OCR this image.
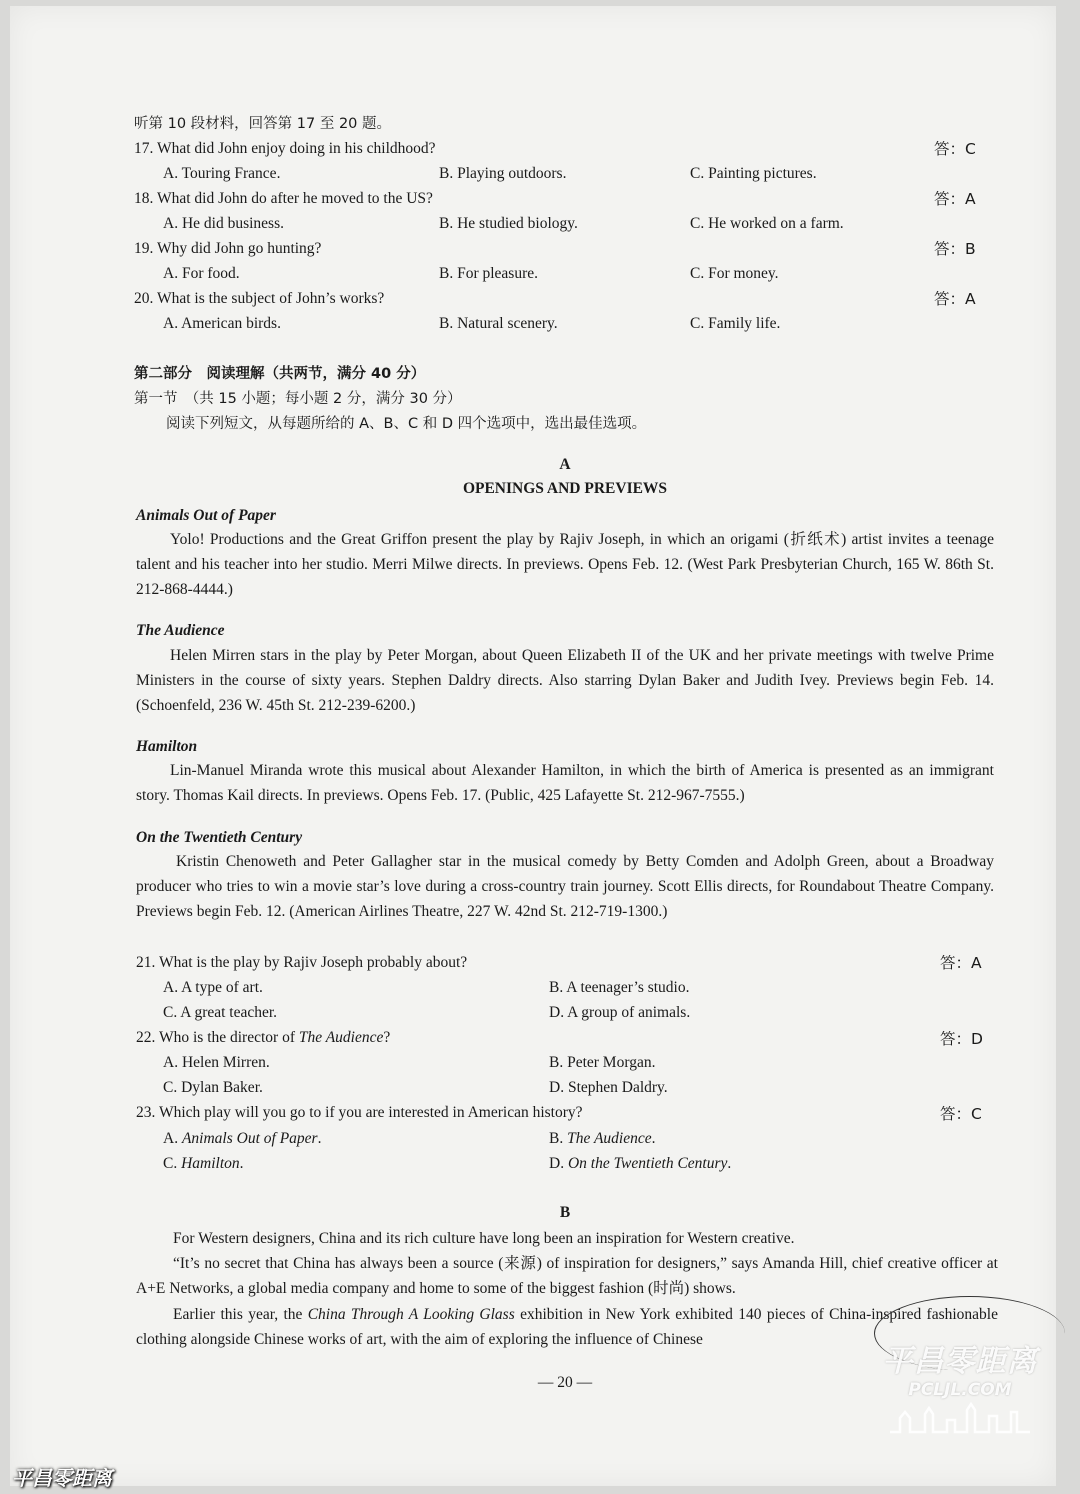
听第 10 段材料，回答第 17 至 20 题。
17. What did John enjoy doing in his childhood?	答：C
A. Touring France.	B. Playing outdoors.	C. Painting pictures.
18. What did John do after he moved to the US?	答：A
A. He did business.	B. He studied biology.	C. He worked on a farm.
19. Why did John go hunting?	答：B
A. For food.	B. For pleasure.	C. For money.
20. What is the subject of John’s works?	答：A
A. American birds.	B. Natural scenery.	C. Family life.
第二部分　阅读理解（共两节，满分 40 分）
第一节　（共 15 小题；每小题 2 分，满分 30 分）
阅读下列短文，从每题所给的 A、B、C 和 D 四个选项中，选出最佳选项。
A
OPENINGS AND PREVIEWS
Animals Out of Paper
Yolo! Productions and the Great Griffon present the play by Rajiv Joseph, in which an origami (折纸术) artist invites a teenage talent and his teacher into her studio. Merri Milwe directs. In previews. Opens Feb. 12. (West Park Presbyterian Church, 165 W. 86th St. 212-868-4444.)
The Audience
Helen Mirren stars in the play by Peter Morgan, about Queen Elizabeth II of the UK and her private meetings with twelve Prime Ministers in the course of sixty years. Stephen Daldry directs. Also starring Dylan Baker and Judith Ivey. Previews begin Feb. 14. (Schoenfeld, 236 W. 45th St. 212-239-6200.)
Hamilton
Lin-Manuel Miranda wrote this musical about Alexander Hamilton, in which the birth of America is presented as an immigrant story. Thomas Kail directs. In previews. Opens Feb. 17. (Public, 425 Lafayette St. 212-967-7555.)
On the Twentieth Century
Kristin Chenoweth and Peter Gallagher star in the musical comedy by Betty Comden and Adolph Green, about a Broadway producer who tries to win a movie star’s love during a cross-country train journey. Scott Ellis directs, for Roundabout Theatre Company. Previews begin Feb. 12. (American Airlines Theatre, 227 W. 42nd St. 212-719-1300.)
21. What is the play by Rajiv Joseph probably about?	答：A
A. A type of art.	B. A teenager’s studio.
C. A great teacher.	D. A group of animals.
22. Who is the director of The Audience?	答：D
A. Helen Mirren.	B. Peter Morgan.
C. Dylan Baker.	D. Stephen Daldry.
23. Which play will you go to if you are interested in American history?	答：C
A. Animals Out of Paper.	B. The Audience.
C. Hamilton.	D. On the Twentieth Century.
B
For Western designers, China and its rich culture have long been an inspiration for Western creative.
“It’s no secret that China has always been a source (来源) of inspiration for designers,” says Amanda Hill, chief creative officer at A+E Networks, a global media company and home to some of the biggest fashion (时尚) shows.
Earlier this year, the China Through A Looking Glass exhibition in New York exhibited 140 pieces of China-inspired fashionable clothing alongside Chinese works of art, with the aim of exploring the influence of Chinese
— 20 —
平昌零距离
PCLJL.COM
平昌零距离
